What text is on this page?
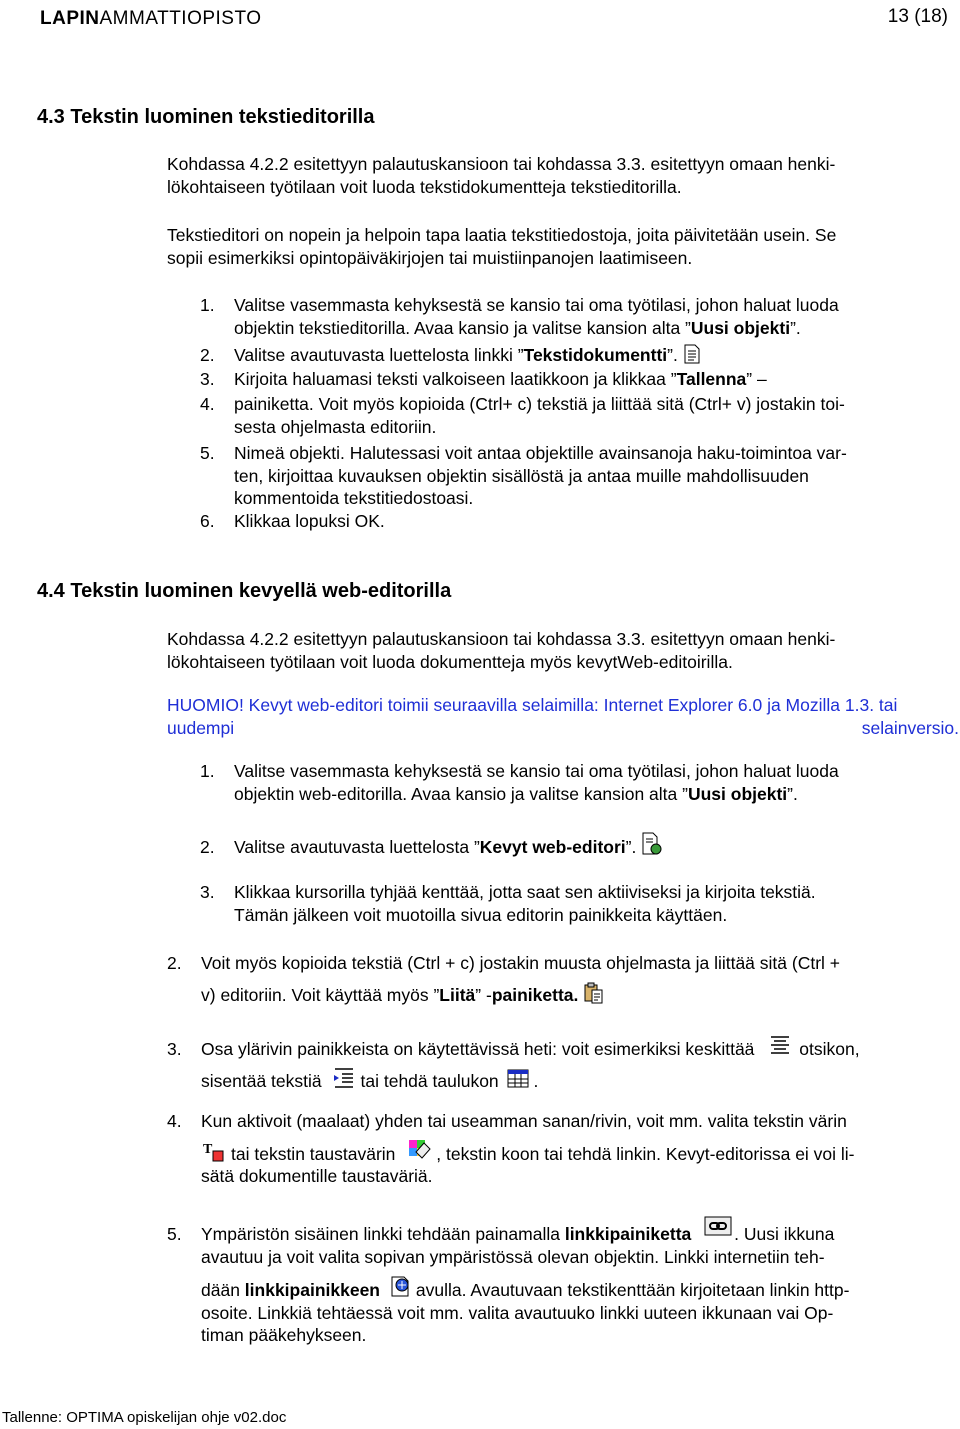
LAPINAMMATTIOPISTO	13 (18)
4.3 Tekstin luominen tekstieditorilla
Kohdassa 4.2.2 esitettyyn palautuskansioon tai kohdassa 3.3. esitettyyn omaan henki-
lökohtaiseen työtilaan voit luoda tekstidokumentteja tekstieditorilla.
Tekstieditori on nopein ja helpoin tapa laatia tekstitiedostoja, joita päivitetään usein. Se
sopii esimerkiksi opintopäiväkirjojen tai muistiinpanojen laatimiseen.
1. Valitse vasemmasta kehyksestä se kansio tai oma työtilasi, johon haluat luoda
objektin tekstieditorilla. Avaa kansio ja valitse kansion alta ”Uusi objekti”.
2. Valitse avautuvasta luettelosta linkki ”Tekstidokumentti”.
3. Kirjoita haluamasi teksti valkoiseen laatikkoon ja klikkaa ”Tallenna” –
4. painiketta. Voit myös kopioida (Ctrl+ c) tekstiä ja liittää sitä (Ctrl+ v) jostakin toi-
sesta ohjelmasta editoriin.
5. Nimeä objekti. Halutessasi voit antaa objektille avainsanoja haku-toimintoa var-
ten, kirjoittaa kuvauksen objektin sisällöstä ja antaa muille mahdollisuuden
kommentoida tekstitiedostoasi.
6. Klikkaa lopuksi OK.
4.4 Tekstin luominen kevyellä web-editorilla
Kohdassa 4.2.2 esitettyyn palautuskansioon tai kohdassa 3.3. esitettyyn omaan henki-
lökohtaiseen työtilaan voit luoda dokumentteja myös kevytWeb-editoirilla.
HUOMIO! Kevyt web-editori toimii seuraavilla selaimilla: Internet Explorer 6.0 ja Mozilla 1.3. tai
uudempi	selainversio.
1. Valitse vasemmasta kehyksestä se kansio tai oma työtilasi, johon haluat luoda
objektin web-editorilla. Avaa kansio ja valitse kansion alta ”Uusi objekti”.
2. Valitse avautuvasta luettelosta ”Kevyt web-editori”.
3. Klikkaa kursorilla tyhjää kenttää, jotta saat sen aktiiviseksi ja kirjoita tekstiä.
Tämän jälkeen voit muotoilla sivua editorin painikkeita käyttäen.
2. Voit myös kopioida tekstiä (Ctrl + c) jostakin muusta ohjelmasta ja liittää sitä (Ctrl +
v) editoriin. Voit käyttää myös ”Liitä” -painiketta.
3. Osa ylärivin painikkeista on käytettävissä heti: voit esimerkiksi keskittää	otsikon,
sisentää tekstiä tai tehdä taulukon .
4. Kun aktivoit (maalaat) yhden tai useamman sanan/rivin, voit mm. valita tekstin värin
T tai tekstin taustavärin , tekstin koon tai tehdä linkin. Kevyt-editorissa ei voi li-
sätä dokumentille taustaväriä.
5. Ympäristön sisäinen linkki tehdään painamalla linkkipainiketta . Uusi ikkuna
avautuu ja voit valita sopivan ympäristössä olevan objektin. Linkki internetiin teh-
dään linkkipainikkeen avulla. Avautuvaan tekstikenttään kirjoitetaan linkin http-
osoite. Linkkiä tehtäessä voit mm. valita avautuuko linkki uuteen ikkunaan vai Op-
timan pääkehykseen.
Tallenne: OPTIMA opiskelijan ohje v02.doc
